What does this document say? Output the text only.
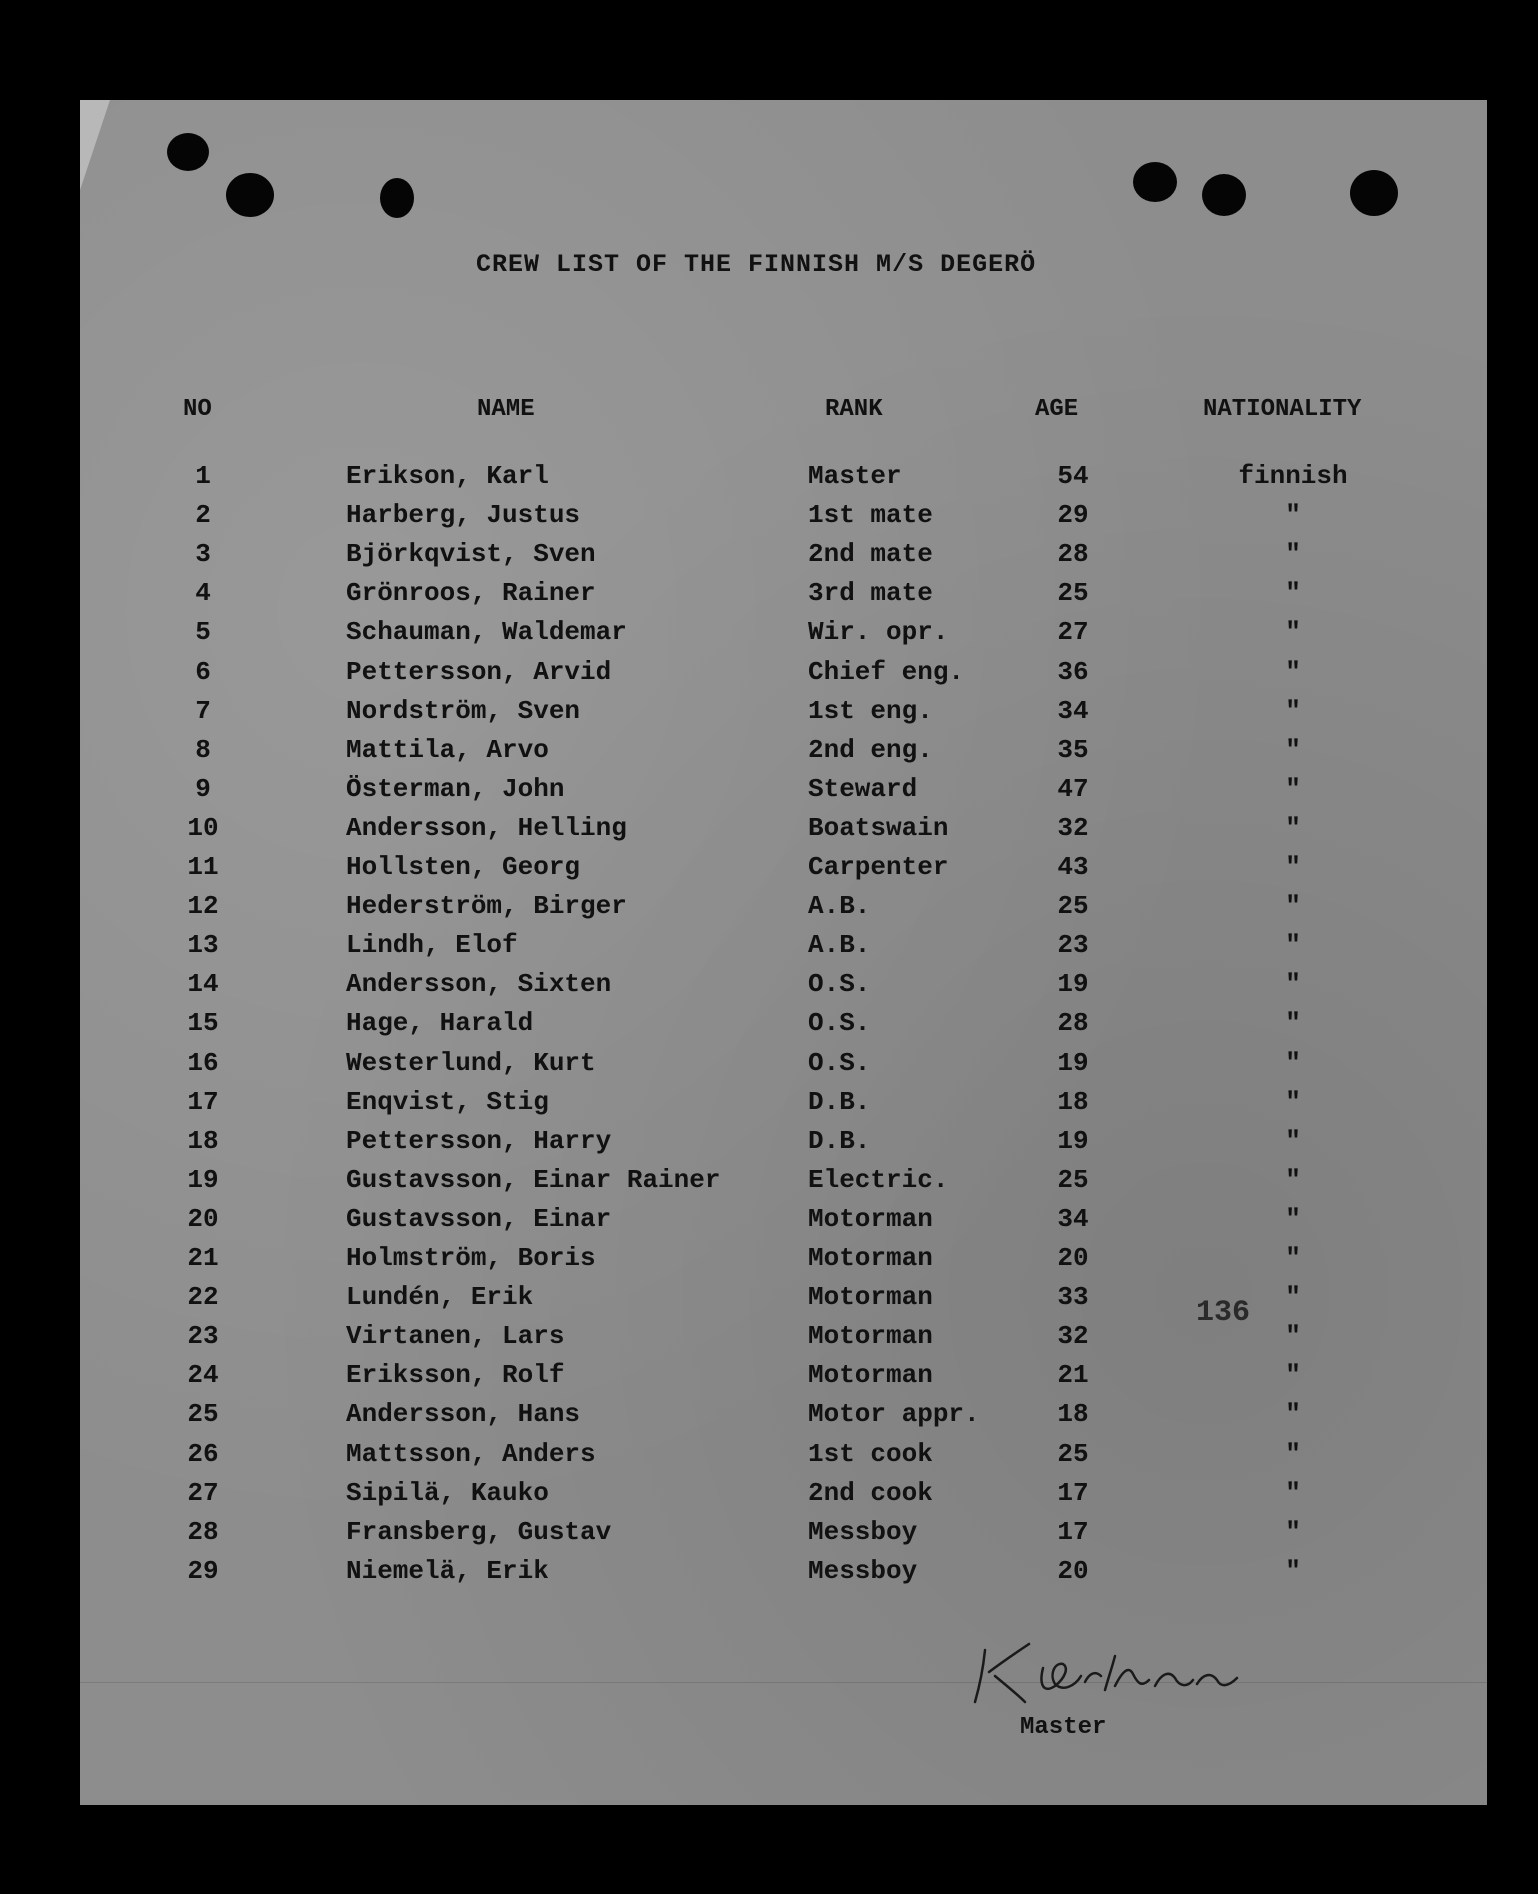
CREW LIST OF THE FINNISH M/S DEGERÖ
NO	NAME	RANK	AGE	NATIONALITY
1	Erikson, Karl	Master	54	finnish
2	Harberg, Justus	1st mate	29	"
3	Björkqvist, Sven	2nd mate	28	"
4	Grönroos, Rainer	3rd mate	25	"
5	Schauman, Waldemar	Wir. opr.	27	"
6	Pettersson, Arvid	Chief eng.	36	"
7	Nordström, Sven	1st eng.	34	"
8	Mattila, Arvo	2nd eng.	35	"
9	Österman, John	Steward	47	"
10	Andersson, Helling	Boatswain	32	"
11	Hollsten, Georg	Carpenter	43	"
12	Hederström, Birger	A.B.	25	"
13	Lindh, Elof	A.B.	23	"
14	Andersson, Sixten	O.S.	19	"
15	Hage, Harald	O.S.	28	"
16	Westerlund, Kurt	O.S.	19	"
17	Enqvist, Stig	D.B.	18	"
18	Pettersson, Harry	D.B.	19	"
19	Gustavsson, Einar Rainer	Electric.	25	"
20	Gustavsson, Einar	Motorman	34	"
21	Holmström, Boris	Motorman	20	"
22	Lundén, Erik	Motorman	33	"
23	Virtanen, Lars	Motorman	32	"
24	Eriksson, Rolf	Motorman	21	"
25	Andersson, Hans	Motor appr.	18	"
26	Mattsson, Anders	1st cook	25	"
27	Sipilä, Kauko	2nd cook	17	"
28	Fransberg, Gustav	Messboy	17	"
29	Niemelä, Erik	Messboy	20	"
136
Master
